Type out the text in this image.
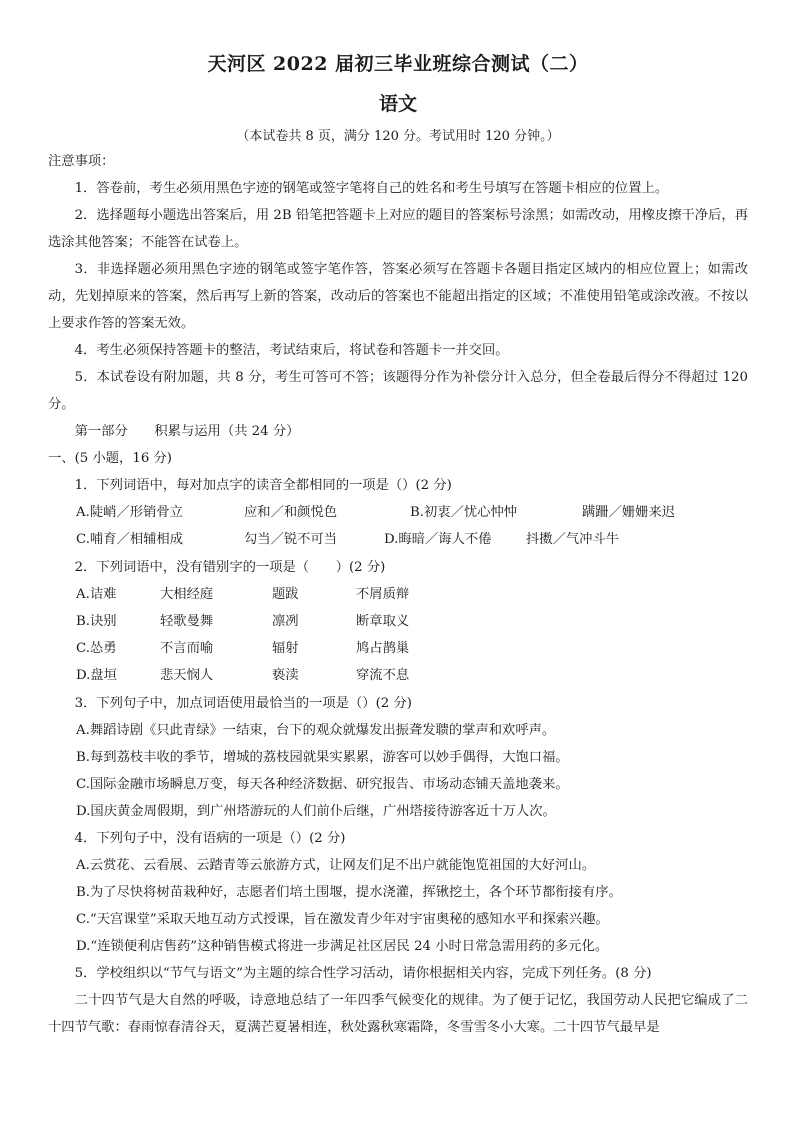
天河区 2022 届初三毕业班综合测试（二）
语文
（本试卷共 8 页，满分 120 分。考试用时 120 分钟。）
注意事项：
1．答卷前，考生必须用黑色字迹的钢笔或签字笔将自己的姓名和考生号填写在答题卡相应的位置上。
2．选择题每小题选出答案后，用 2B 铅笔把答题卡上对应的题目的答案标号涂黑；如需改动，用橡皮擦干净后，再选涂其他答案；不能答在试卷上。
3．非选择题必须用黑色字迹的钢笔或签字笔作答，答案必须写在答题卡各题目指定区域内的相应位置上；如需改动，先划掉原来的答案，然后再写上新的答案，改动后的答案也不能超出指定的区域；不准使用铅笔或涂改液。不按以上要求作答的答案无效。
4．考生必须保持答题卡的整洁，考试结束后，将试卷和答题卡一并交回。
5．本试卷设有附加题，共 8 分，考生可答可不答；该题得分作为补偿分计入总分，但全卷最后得分不得超过 120 分。
第一部分　　积累与运用（共 24 分）
一、(5 小题，16 分)
1．下列词语中，每对加点字的读音全都相同的一项是（）(2 分)
A.陡峭／形销骨立	应和／和颜悦色	B.初衷／忧心忡忡	蹒跚／姗姗来迟
C.哺育／相辅相成	勾当／锐不可当	D.晦暗／诲人不倦	抖擞／气冲斗牛
2．下列词语中，没有错别字的一项是（　　）(2 分)
A.诘难	大相经庭	题跋	不屑质辩
B.诀别	轻歌曼舞	凛冽	断章取义
C.怂勇	不言而喻	辐射	鸠占鹊巢
D.盘垣	悲天悯人	亵渎	穿流不息
3．下列句子中，加点词语使用最恰当的一项是（）(2 分)
A.舞蹈诗剧《只此青绿》一结束，台下的观众就爆发出振聋发聩的掌声和欢呼声。
B.每到荔枝丰收的季节，增城的荔枝园就果实累累，游客可以妙手偶得，大饱口福。
C.国际金融市场瞬息万变，每天各种经济数据、研究报告、市场动态铺天盖地袭来。
D.国庆黄金周假期，到广州塔游玩的人们前仆后继，广州塔接待游客近十万人次。
4．下列句子中，没有语病的一项是（）(2 分)
A.云赏花、云看展、云踏青等云旅游方式，让网友们足不出户就能饱览祖国的大好河山。
B.为了尽快将树苗栽种好，志愿者们培土围堰，提水浇灌，挥锹挖土，各个环节都衔接有序。
C.“天宫课堂”采取天地互动方式授课，旨在激发青少年对宇宙奥秘的感知水平和探索兴趣。
D.“连锁便利店售药”这种销售模式将进一步满足社区居民 24 小时日常急需用药的多元化。
5．学校组织以“节气与语文”为主题的综合性学习活动，请你根据相关内容，完成下列任务。(8 分)
二十四节气是大自然的呼吸，诗意地总结了一年四季气候变化的规律。为了便于记忆，我国劳动人民把它编成了二十四节气歌：春雨惊春清谷天，夏满芒夏暑相连，秋处露秋寒霜降，冬雪雪冬小大寒。二十四节气最早是
